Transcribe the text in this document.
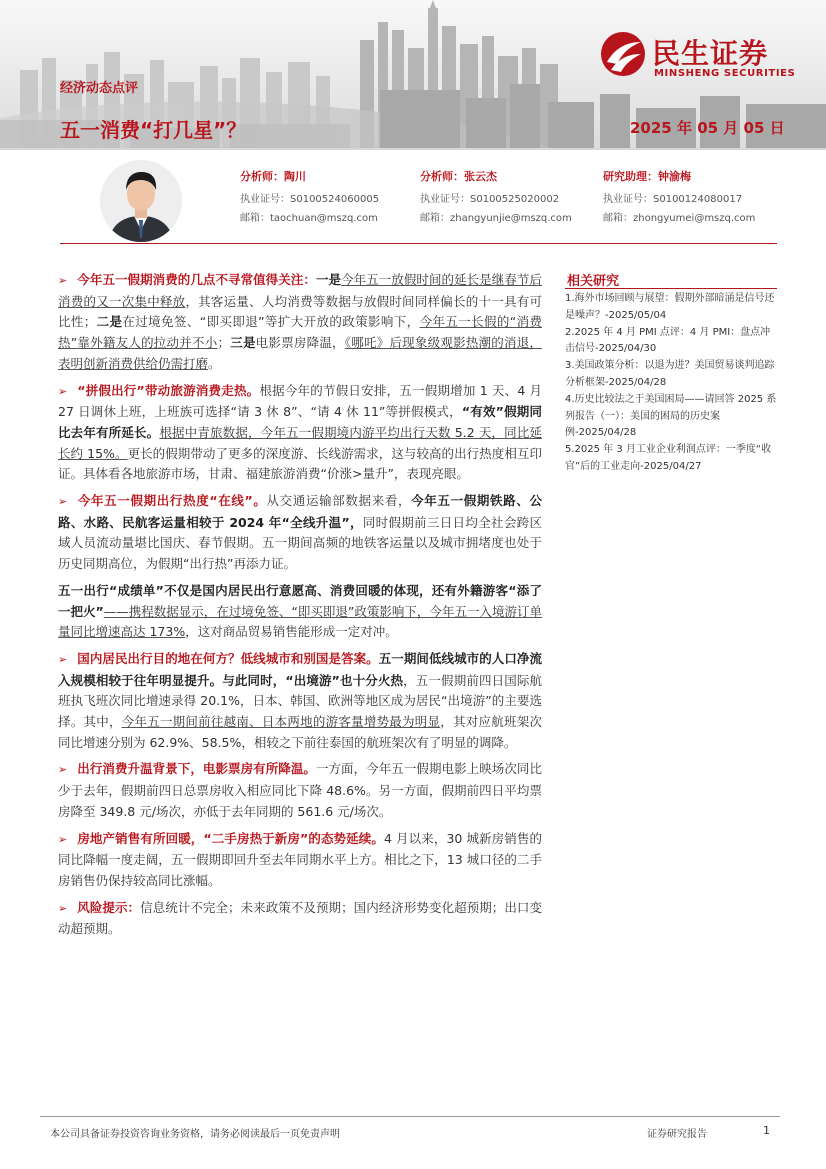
民生证券
MINSHENG SECURITIES
经济动态点评
五一消费“打几星”？	2025 年 05 月 05 日
分析师：陶川
执业证号：S0100524060005
邮箱：taochuan@mszq.com
分析师：张云杰
执业证号：S0100525020002
邮箱：zhangyunjie@mszq.com
研究助理：钟渝梅
执业证号：S0100124080017
邮箱：zhongyumei@mszq.com

➢ 今年五一假期消费的几点不寻常值得关注：一是今年五一放假时间的延长是继春节后消费的又一次集中释放，其客运量、人均消费等数据与放假时间同样偏长的十一具有可比性；二是在过境免签、“即买即退”等扩大开放的政策影响下，今年五一长假的“消费热”靠外籍友人的拉动并不小；三是电影票房降温，《哪吒》后现象级观影热潮的消退，表明创新消费供给仍需打磨。

➢ “拼假出行”带动旅游消费走热。根据今年的节假日安排，五一假期增加 1 天、4 月 27 日调休上班，上班族可选择“请 3 休 8”、“请 4 休 11”等拼假模式，“有效”假期同比去年有所延长。根据中青旅数据，今年五一假期境内游平均出行天数 5.2 天，同比延长约 15%。更长的假期带动了更多的深度游、长线游需求，这与较高的出行热度相互印证。具体看各地旅游市场，甘肃、福建旅游消费“价涨>量升”，表现亮眼。

➢ 今年五一假期出行热度“在线”。从交通运输部数据来看，今年五一假期铁路、公路、水路、民航客运量相较于 2024 年“全线升温”，同时假期前三日日均全社会跨区域人员流动量堪比国庆、春节假期。五一期间高频的地铁客运量以及城市拥堵度也处于历史同期高位，为假期“出行热”再添力证。

五一出行“成绩单”不仅是国内居民出行意愿高、消费回暖的体现，还有外籍游客“添了一把火”——携程数据显示，在过境免签、“即买即退”政策影响下，今年五一入境游订单量同比增速高达 173%，这对商品贸易销售能形成一定对冲。

➢ 国内居民出行目的地在何方？低线城市和别国是答案。五一期间低线城市的人口净流入规模相较于往年明显提升。与此同时，“出境游”也十分火热，五一假期前四日国际航班执飞班次同比增速录得 20.1%，日本、韩国、欧洲等地区成为居民“出境游”的主要选择。其中，今年五一期间前往越南、日本两地的游客量增势最为明显，其对应航班架次同比增速分别为 62.9%、58.5%，相较之下前往泰国的航班架次有了明显的调降。

➢ 出行消费升温背景下，电影票房有所降温。一方面，今年五一假期电影上映场次同比少于去年，假期前四日总票房收入相应同比下降 48.6%。另一方面，假期前四日平均票房降至 349.8 元/场次，亦低于去年同期的 561.6 元/场次。

➢ 房地产销售有所回暖，“二手房热于新房”的态势延续。4 月以来，30 城新房销售的同比降幅一度走阔，五一假期即回升至去年同期水平上方。相比之下，13 城口径的二手房销售仍保持较高同比涨幅。

➢ 风险提示：信息统计不完全；未来政策不及预期；国内经济形势变化超预期；出口变动超预期。

相关研究

1.海外市场回顾与展望：假期外部暗涌是信号还是噪声？-2025/05/04

2.2025 年 4 月 PMI 点评：4 月 PMI：盘点冲击信号-2025/04/30

3.美国政策分析：以退为进？美国贸易谈判追踪分析框架-2025/04/28

4.历史比较法之于美国困局——请回答 2025 系列报告（一）：美国的困局的历史案例-2025/04/28

5.2025 年 3 月工业企业利润点评：一季度“收官”后的工业走向-2025/04/27

本公司具备证券投资咨询业务资格，请务必阅读最后一页免责声明	证券研究报告	1
